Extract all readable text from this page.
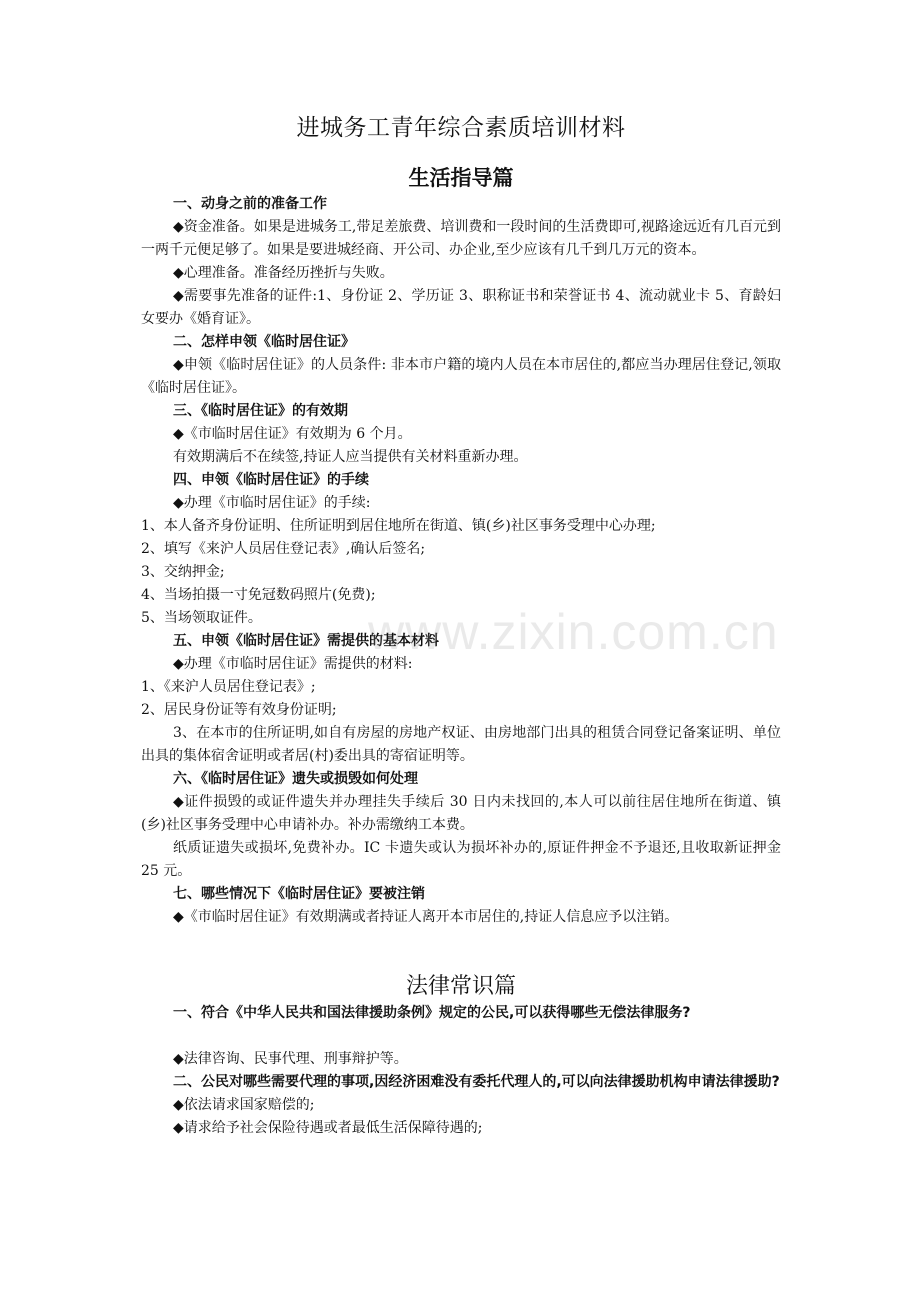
进城务工青年综合素质培训材料
生活指导篇

一、动身之前的准备工作

◆资金准备。如果是进城务工,带足差旅费、培训费和一段时间的生活费即可,视路途远近有几百元到一两千元便足够了。如果是要进城经商、开公司、办企业,至少应该有几千到几万元的资本。

◆心理准备。准备经历挫折与失败。

◆需要事先准备的证件:1、身份证 2、学历证 3、职称证书和荣誉证书 4、流动就业卡 5、育龄妇女要办《婚育证》。

二、怎样申领《临时居住证》

◆申领《临时居住证》的人员条件: 非本市户籍的境内人员在本市居住的,都应当办理居住登记,领取《临时居住证》。

三、《临时居住证》的有效期

◆《市临时居住证》有效期为 6 个月。

有效期满后不在续签,持证人应当提供有关材料重新办理。

四、申领《临时居住证》的手续

◆办理《市临时居住证》的手续:

1、本人备齐身份证明、住所证明到居住地所在街道、镇(乡)社区事务受理中心办理;

2、填写《来沪人员居住登记表》,确认后签名;

3、交纳押金;

4、当场拍摄一寸免冠数码照片(免费);

5、当场领取证件。

五、申领《临时居住证》需提供的基本材料

◆办理《市临时居住证》需提供的材料:

1、《来沪人员居住登记表》;

2、居民身份证等有效身份证明;

3、在本市的住所证明,如自有房屋的房地产权证、由房地部门出具的租赁合同登记备案证明、单位出具的集体宿舍证明或者居(村)委出具的寄宿证明等。

六、《临时居住证》遗失或损毁如何处理

◆证件损毁的或证件遗失并办理挂失手续后 30 日内未找回的,本人可以前往居住地所在街道、镇(乡)社区事务受理中心申请补办。补办需缴纳工本费。

纸质证遗失或损坏,免费补办。IC 卡遗失或认为损坏补办的,原证件押金不予退还,且收取新证押金 25 元。

七、哪些情况下《临时居住证》要被注销

◆《市临时居住证》有效期满或者持证人离开本市居住的,持证人信息应予以注销。

法律常识篇

一、符合《中华人民共和国法律援助条例》规定的公民,可以获得哪些无偿法律服务?

◆法律咨询、民事代理、刑事辩护等。

二、公民对哪些需要代理的事项,因经济困难没有委托代理人的,可以向法律援助机构申请法律援助?

◆依法请求国家赔偿的;

◆请求给予社会保险待遇或者最低生活保障待遇的;

www.zixin.com.cn
